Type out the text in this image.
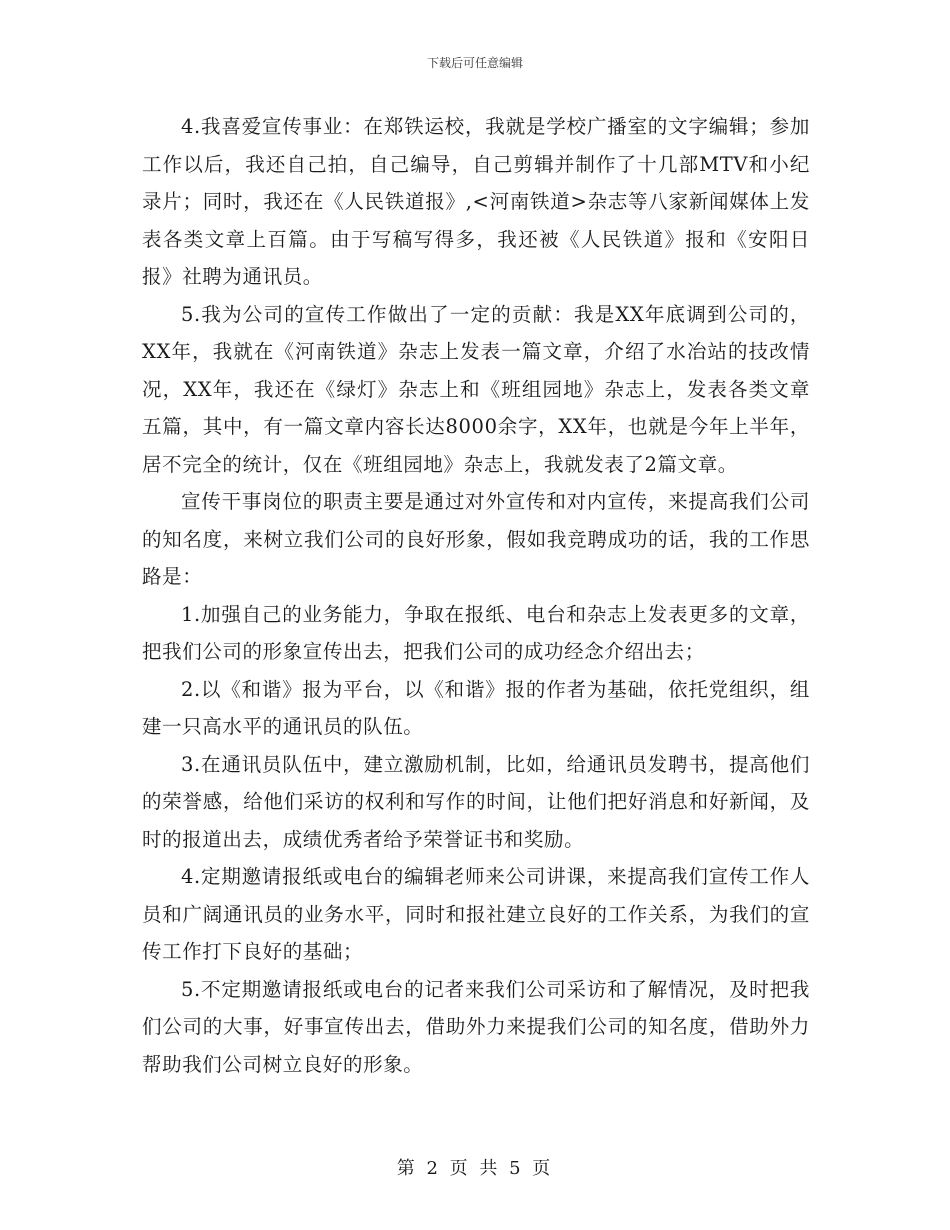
下载后可任意编辑

4.我喜爱宣传事业：在郑铁运校，我就是学校广播室的文字编辑；参加工作以后，我还自己拍，自己编导，自己剪辑并制作了十几部MTV和小纪录片；同时，我还在《人民铁道报》,<河南铁道>杂志等八家新闻媒体上发表各类文章上百篇。由于写稿写得多，我还被《人民铁道》报和《安阳日报》社聘为通讯员。

5.我为公司的宣传工作做出了一定的贡献：我是XX年底调到公司的，XX年，我就在《河南铁道》杂志上发表一篇文章，介绍了水冶站的技改情况，XX年，我还在《绿灯》杂志上和《班组园地》杂志上，发表各类文章五篇，其中，有一篇文章内容长达8000余字，XX年，也就是今年上半年，居不完全的统计，仅在《班组园地》杂志上，我就发表了2篇文章。

宣传干事岗位的职责主要是通过对外宣传和对内宣传，来提高我们公司的知名度，来树立我们公司的良好形象，假如我竞聘成功的话，我的工作思路是：

1.加强自己的业务能力，争取在报纸、电台和杂志上发表更多的文章，把我们公司的形象宣传出去，把我们公司的成功经念介绍出去；

2.以《和谐》报为平台，以《和谐》报的作者为基础，依托党组织，组建一只高水平的通讯员的队伍。

3.在通讯员队伍中，建立激励机制，比如，给通讯员发聘书，提高他们的荣誉感，给他们采访的权利和写作的时间，让他们把好消息和好新闻，及时的报道出去，成绩优秀者给予荣誉证书和奖励。

4.定期邀请报纸或电台的编辑老师来公司讲课，来提高我们宣传工作人员和广阔通讯员的业务水平，同时和报社建立良好的工作关系，为我们的宣传工作打下良好的基础；

5.不定期邀请报纸或电台的记者来我们公司采访和了解情况，及时把我们公司的大事，好事宣传出去，借助外力来提我们公司的知名度，借助外力帮助我们公司树立良好的形象。

第 2 页 共 5 页
